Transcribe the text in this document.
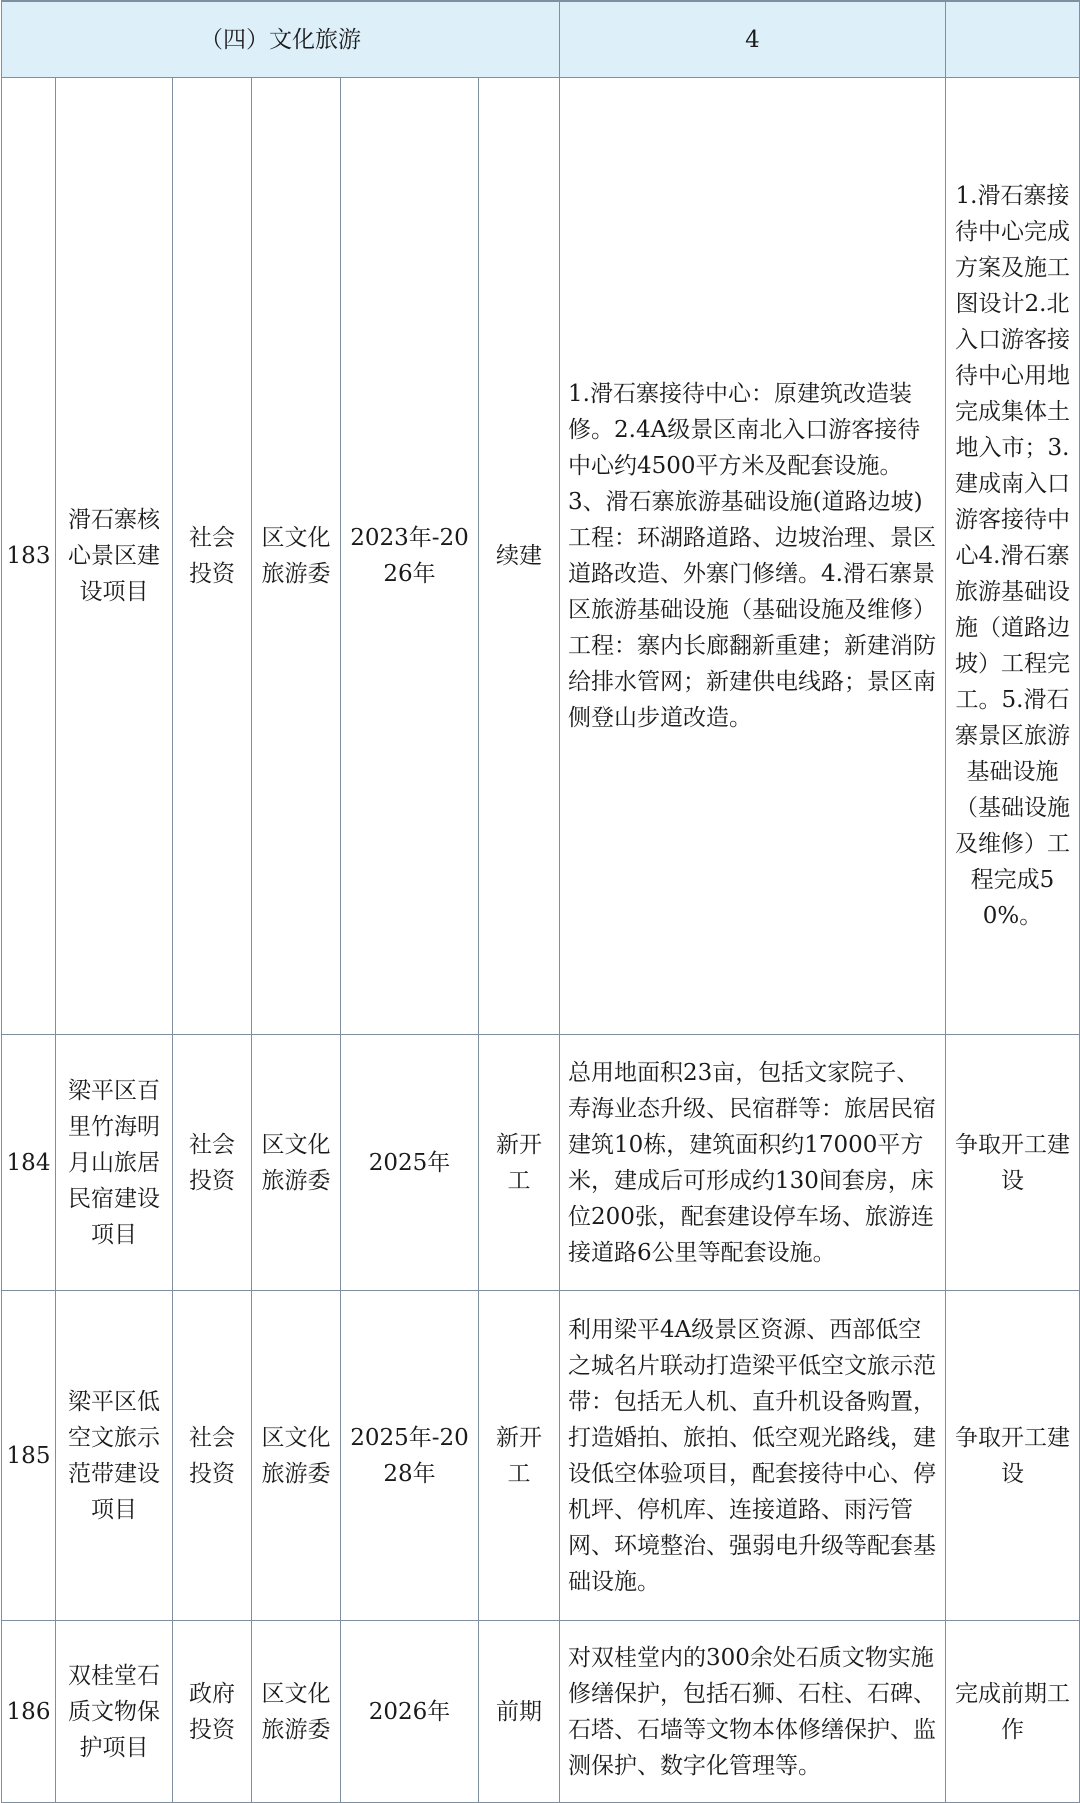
（四）文化旅游						4	
183	滑石寨核心景区建设项目	社会投资	区文化旅游委	2023年-2026年	续建	1.滑石寨接待中心：原建筑改造装修。2.4A级景区南北入口游客接待中心约4500平方米及配套设施。3、滑石寨旅游基础设施(道路边坡)工程：环湖路道路、边坡治理、景区道路改造、外寨门修缮。4.滑石寨景区旅游基础设施（基础设施及维修）工程：寨内长廊翻新重建；新建消防给排水管网；新建供电线路；景区南侧登山步道改造。	1.滑石寨接待中心完成方案及施工图设计2.北入口游客接待中心用地完成集体土地入市；3.建成南入口游客接待中心4.滑石寨旅游基础设施（道路边坡）工程完工。5.滑石寨景区旅游基础设施（基础设施及维修）工程完成50%。
184	梁平区百里竹海明月山旅居民宿建设项目	社会投资	区文化旅游委	2025年	新开工	总用地面积23亩，包括文家院子、寿海业态升级、民宿群等：旅居民宿建筑10栋，建筑面积约17000平方米，建成后可形成约130间套房，床位200张，配套建设停车场、旅游连接道路6公里等配套设施。	争取开工建设
185	梁平区低空文旅示范带建设项目	社会投资	区文化旅游委	2025年-2028年	新开工	利用梁平4A级景区资源、西部低空之城名片联动打造梁平低空文旅示范带：包括无人机、直升机设备购置，打造婚拍、旅拍、低空观光路线，建设低空体验项目，配套接待中心、停机坪、停机库、连接道路、雨污管网、环境整治、强弱电升级等配套基础设施。	争取开工建设
186	双桂堂石质文物保护项目	政府投资	区文化旅游委	2026年	前期	对双桂堂内的300余处石质文物实施修缮保护，包括石狮、石柱、石碑、石塔、石墙等文物本体修缮保护、监测保护、数字化管理等。	完成前期工作
